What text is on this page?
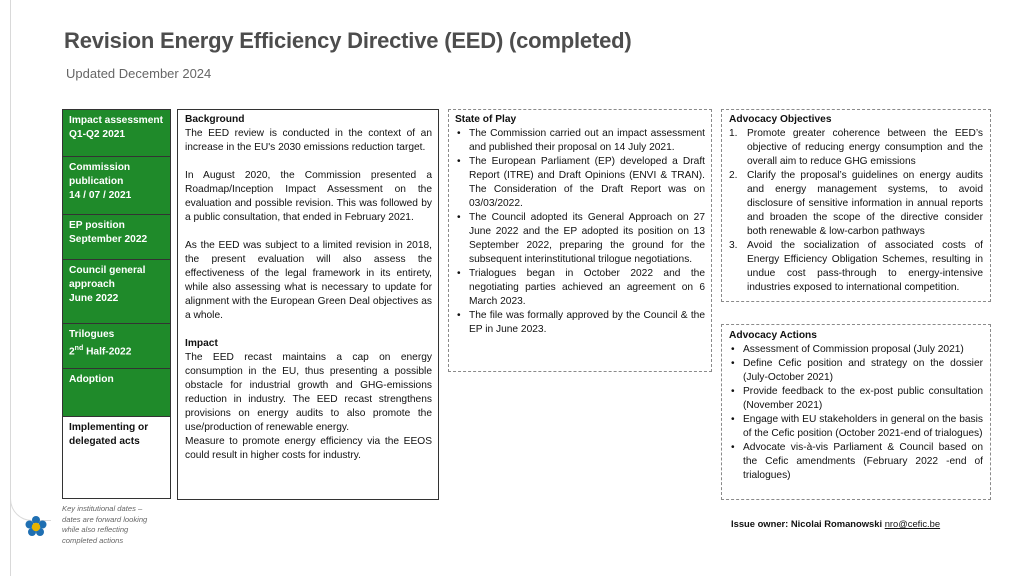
Revision Energy Efficiency Directive (EED) (completed)
Updated December 2024
Impact assessment
Q1-Q2 2021
Commission
publication
14 / 07 / 2021
EP position
September 2022
Council general
approach
June 2022
Trilogues
2nd Half-2022
Adoption
Implementing or
delegated acts
Key institutional dates – dates are forward looking while also reflecting completed actions
Background

The EED review is conducted in the context of an increase in the EU's 2030 emissions reduction target.

In August 2020, the Commission presented a Roadmap/Inception Impact Assessment on the evaluation and possible revision. This was followed by a public consultation, that ended in February 2021.

As the EED was subject to a limited revision in 2018, the present evaluation will also assess the effectiveness of the legal framework in its entirety, while also assessing what is necessary to update for alignment with the European Green Deal objectives as a whole.

Impact

The EED recast maintains a cap on energy consumption in the EU, thus presenting a possible obstacle for industrial growth and GHG-emissions reduction in industry. The EED recast strengthens provisions on energy audits to also promote the use/production of renewable energy.

Measure to promote energy efficiency via the EEOS could result in higher costs for industry.

State of Play
• The Commission carried out an impact assessment and published their proposal on 14 July 2021.
• The European Parliament (EP) developed a Draft Report (ITRE) and Draft Opinions (ENVI & TRAN). The Consideration of the Draft Report was on 03/03/2022.
• The Council adopted its General Approach on 27 June 2022 and the EP adopted its position on 13 September 2022, preparing the ground for the subsequent interinstitutional trilogue negotiations.
• Trialogues began in October 2022 and the negotiating parties achieved an agreement on 6 March 2023.
• The file was formally approved by the Council & the EP in June 2023.
Advocacy Objectives
1. Promote greater coherence between the EED’s objective of reducing energy consumption and the overall aim to reduce GHG emissions
2. Clarify the proposal’s guidelines on energy audits and energy management systems, to avoid disclosure of sensitive information in annual reports and broaden the scope of the directive consider both renewable & low-carbon pathways
3. Avoid the socialization of associated costs of Energy Efficiency Obligation Schemes, resulting in undue cost pass-through to energy-intensive industries exposed to international competition.
Advocacy Actions
• Assessment of Commission proposal (July 2021)
• Define Cefic position and strategy on the dossier (July-October 2021)
• Provide feedback to the ex-post public consultation (November 2021)
• Engage with EU stakeholders in general on the basis of the Cefic position (October 2021-end of trialogues)
• Advocate vis-à-vis Parliament & Council based on the Cefic amendments (February 2022 -end of trialogues)
Issue owner: Nicolai Romanowski nro@cefic.be
